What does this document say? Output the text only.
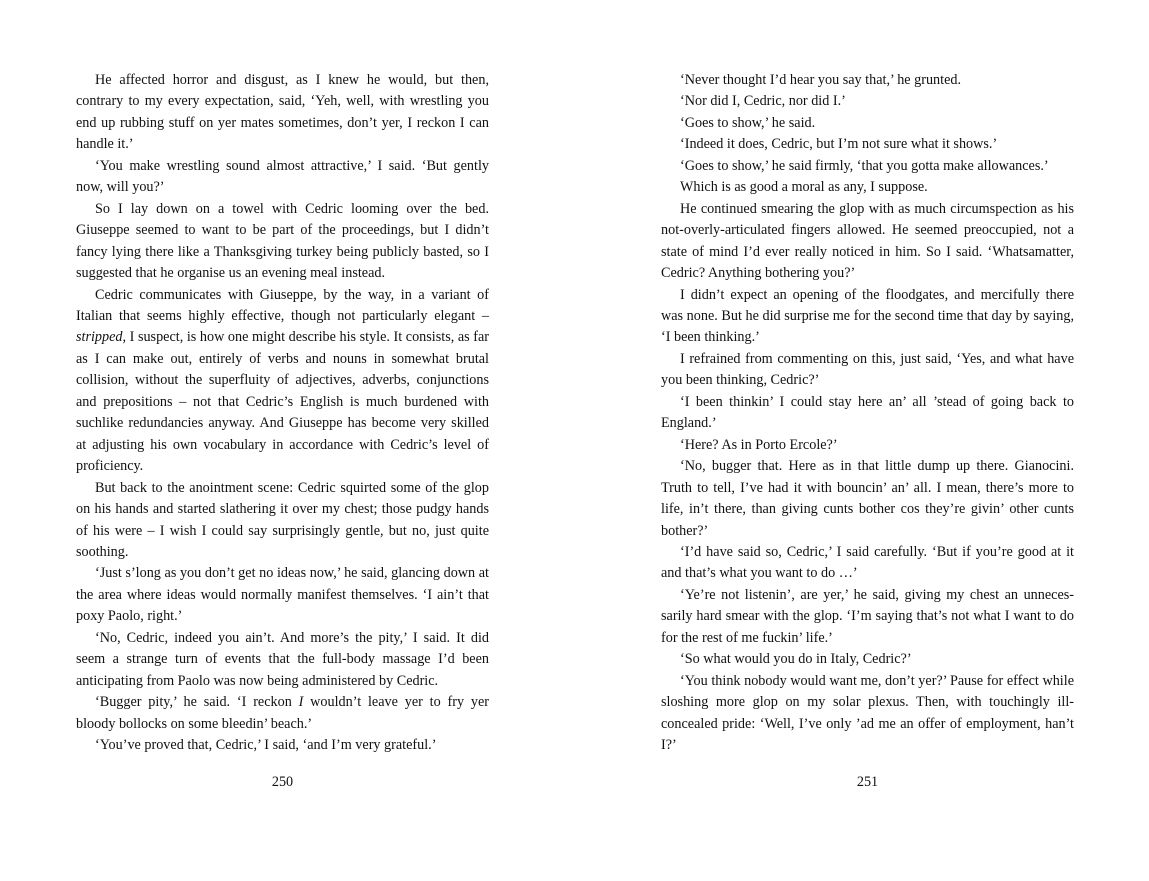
He affected horror and disgust, as I knew he would, but then, contrary to my every expectation, said, ‘Yeh, well, with wrestling you end up rubbing stuff on yer mates sometimes, don’t yer, I reckon I can handle it.’

‘You make wrestling sound almost attractive,’ I said. ‘But gently now, will you?’

So I lay down on a towel with Cedric looming over the bed. Giuseppe seemed to want to be part of the proceedings, but I didn’t fancy lying there like a Thanksgiving turkey being publicly basted, so I suggested that he organise us an evening meal instead.

Cedric communicates with Giuseppe, by the way, in a variant of Italian that seems highly effective, though not particularly elegant – stripped, I suspect, is how one might describe his style. It consists, as far as I can make out, entirely of verbs and nouns in somewhat brutal collision, without the superfluity of adjectives, adverbs, conjunctions and prepositions – not that Cedric’s English is much burdened with suchlike redundancies anyway. And Giuseppe has become very skilled at adjusting his own vocabulary in accordance with Cedric’s level of proficiency.

But back to the anointment scene: Cedric squirted some of the glop on his hands and started slathering it over my chest; those pudgy hands of his were – I wish I could say surprisingly gentle, but no, just quite soothing.

‘Just s’long as you don’t get no ideas now,’ he said, glancing down at the area where ideas would normally manifest themselves. ‘I ain’t that poxy Paolo, right.’

‘No, Cedric, indeed you ain’t. And more’s the pity,’ I said. It did seem a strange turn of events that the full-body massage I’d been anticipating from Paolo was now being administered by Cedric.

‘Bugger pity,’ he said. ‘I reckon I wouldn’t leave yer to fry yer bloody bollocks on some bleedin’ beach.’

‘You’ve proved that, Cedric,’ I said, ‘and I’m very grateful.’

250

‘Never thought I’d hear you say that,’ he grunted.

‘Nor did I, Cedric, nor did I.’

‘Goes to show,’ he said.

‘Indeed it does, Cedric, but I’m not sure what it shows.’

‘Goes to show,’ he said firmly, ‘that you gotta make allowances.’

Which is as good a moral as any, I suppose.

He continued smearing the glop with as much circumspection as his not-overly-articulated fingers allowed. He seemed preoccupied, not a state of mind I’d ever really noticed in him. So I said. ‘Whatsamatter, Cedric? Anything bothering you?’

I didn’t expect an opening of the floodgates, and mercifully there was none. But he did surprise me for the second time that day by saying, ‘I been thinking.’

I refrained from commenting on this, just said, ‘Yes, and what have you been thinking, Cedric?’

‘I been thinkin’ I could stay here an’ all ’stead of going back to England.’

‘Here? As in Porto Ercole?’

‘No, bugger that. Here as in that little dump up there. Gianocini. Truth to tell, I’ve had it with bouncin’ an’ all. I mean, there’s more to life, in’t there, than giving cunts bother cos they’re givin’ other cunts bother?’

‘I’d have said so, Cedric,’ I said carefully. ‘But if you’re good at it and that’s what you want to do …’

‘Ye’re not listenin’, are yer,’ he said, giving my chest an unnecessarily hard smear with the glop. ‘I’m saying that’s not what I want to do for the rest of me fuckin’ life.’

‘So what would you do in Italy, Cedric?’

‘You think nobody would want me, don’t yer?’ Pause for effect while sloshing more glop on my solar plexus. Then, with touchingly ill-concealed pride: ‘Well, I’ve only ’ad me an offer of employment, han’t I?’

251
